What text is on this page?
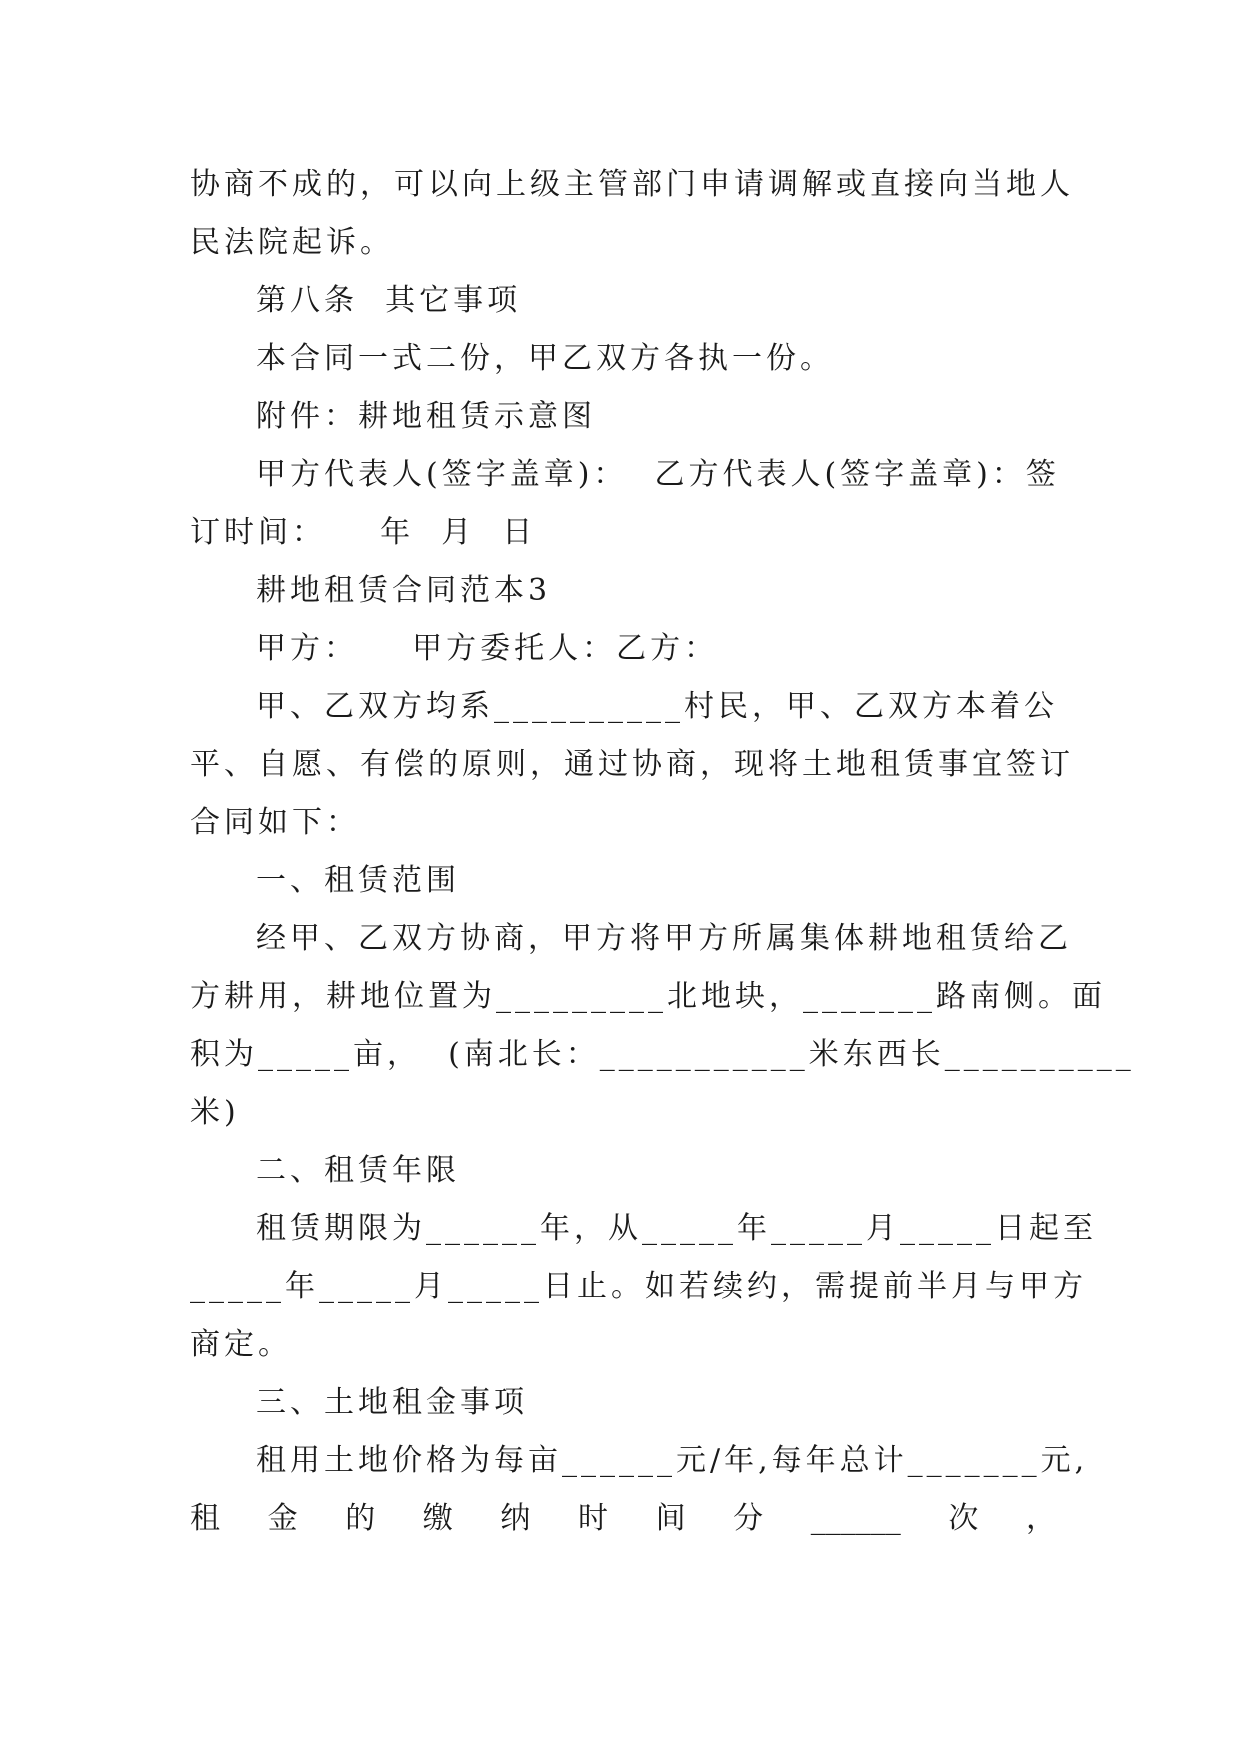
协商不成的，可以向上级主管部门申请调解或直接向当地人
民法院起诉。
第八条  其它事项
本合同一式二份，甲乙双方各执一份。
附件：耕地租赁示意图
甲方代表人(签字盖章)：  乙方代表人(签字盖章)：签
订时间：    年  月  日
耕地租赁合同范本3
甲方：    甲方委托人：乙方：
甲、乙双方均系__________村民，甲、乙双方本着公
平、自愿、有偿的原则，通过协商，现将土地租赁事宜签订
合同如下：
一、租赁范围
经甲、乙双方协商，甲方将甲方所属集体耕地租赁给乙
方耕用，耕地位置为_________北地块，_______路南侧。面
积为_____亩，  (南北长：___________米东西长__________
米)
二、租赁年限
租赁期限为______年，从_____年_____月_____日起至
_____年_____月_____日止。如若续约，需提前半月与甲方
商定。
三、土地租金事项
租用土地价格为每亩______元/年,每年总计_______元,
租 金 的 缴 纳 时 间 分 ______ 次 ，
